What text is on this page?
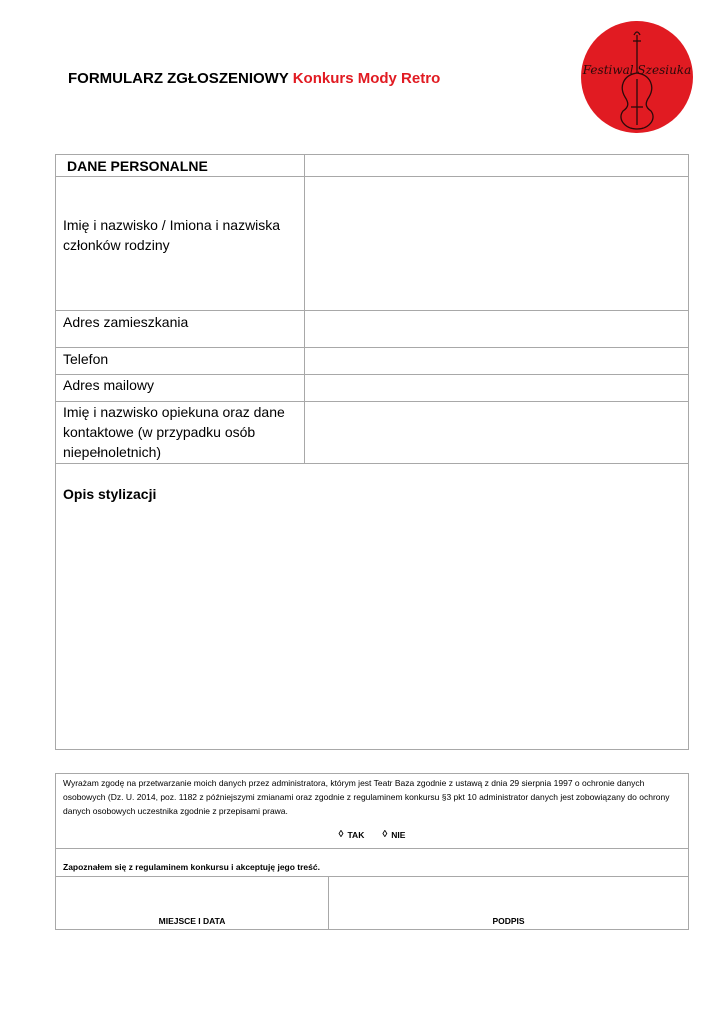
FORMULARZ ZGŁOSZENIOWY Konkurs Mody Retro	Festiwal Szesiuka
DANE PERSONALNE	
Imię i nazwisko / Imiona i nazwiska członków rodziny	
Adres zamieszkania	
Telefon	
Adres mailowy	
Imię i nazwisko opiekuna oraz dane kontaktowe (w przypadku osób niepełnoletnich)	

Opis stylizacji	
Wyrażam zgodę na przetwarzanie moich danych przez administratora, którym jest Teatr Baza zgodnie z ustawą z dnia 29 sierpnia 1997 o ochronie danych osobowych (Dz. U. 2014, poz. 1182 z późniejszymi zmianami oraz zgodnie z regulaminem konkursu §3 pkt 10 administrator danych jest zobowiązany do ochrony danych osobowych uczestnika zgodnie z przepisami prawa.
◊ TAK ◊ NIE

Zapoznałem się z regulaminem konkursu i akceptuję jego treść.

MIEJSCE I DATA	PODPIS
